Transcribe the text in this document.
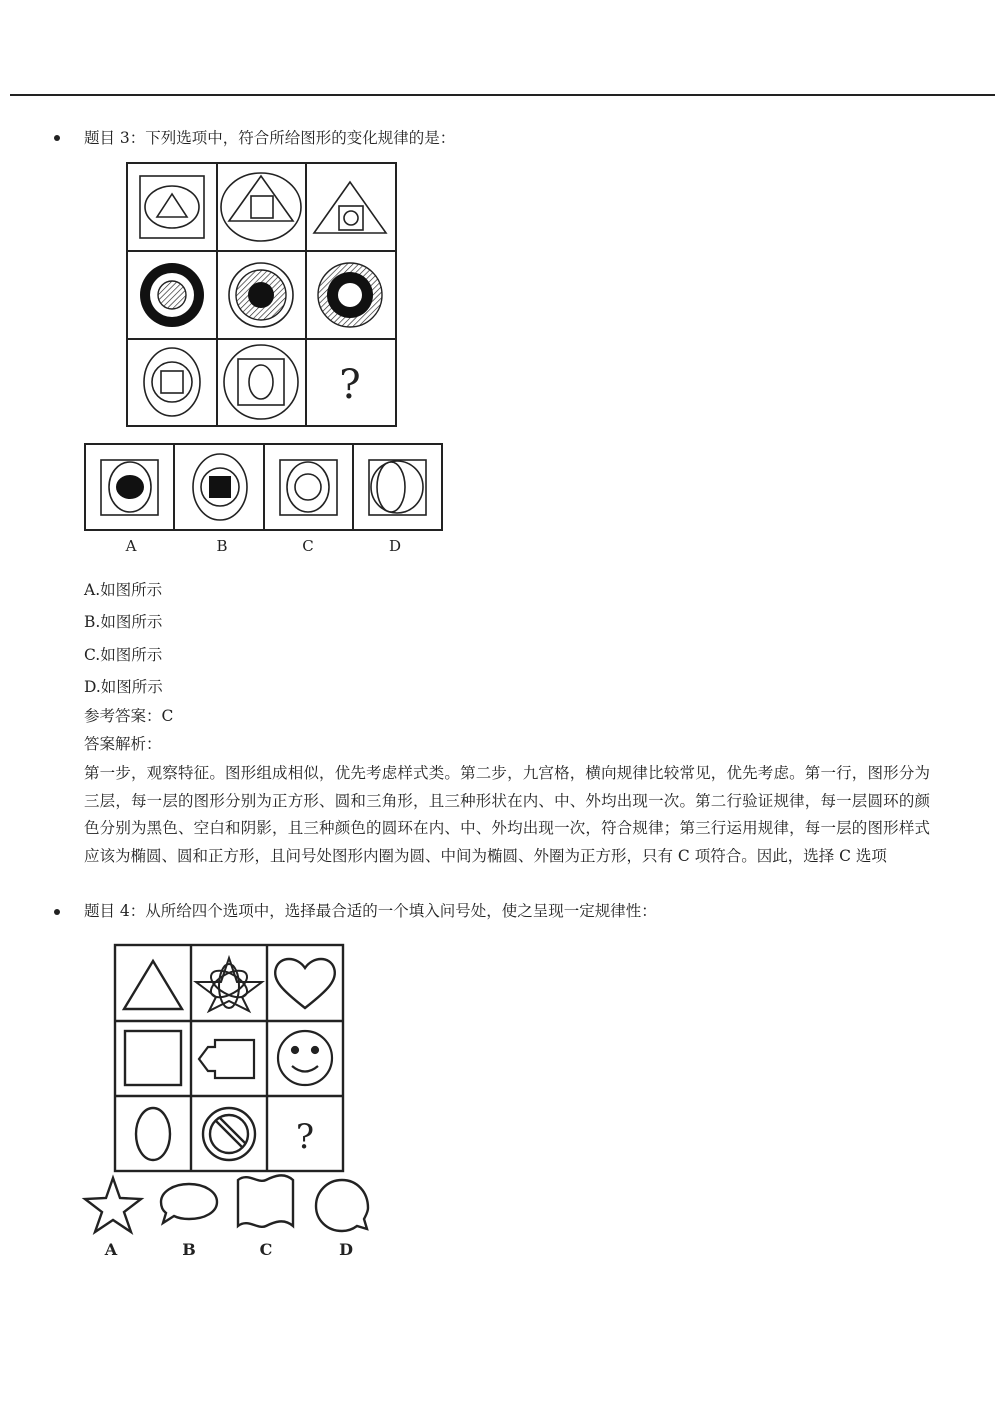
题目 3：下列选项中，符合所给图形的变化规律的是：
?
A	B	C	D
A.如图所示
B.如图所示
C.如图所示
D.如图所示
参考答案：C
答案解析：
第一步，观察特征。图形组成相似，优先考虑样式类。第二步，九宫格，横向规律比较常见，优先考虑。第一行，图形分为三层，每一层的图形分别为正方形、圆和三角形，且三种形状在内、中、外均出现一次。第二行验证规律，每一层圆环的颜色分别为黑色、空白和阴影，且三种颜色的圆环在内、中、外均出现一次，符合规律；第三行运用规律，每一层的图形样式应该为椭圆、圆和正方形，且问号处图形内圈为圆、中间为椭圆、外圈为正方形，只有 C 项符合。因此，选择 C 选项
题目 4：从所给四个选项中，选择最合适的一个填入问号处，使之呈现一定规律性：
?
A	B	C	D
